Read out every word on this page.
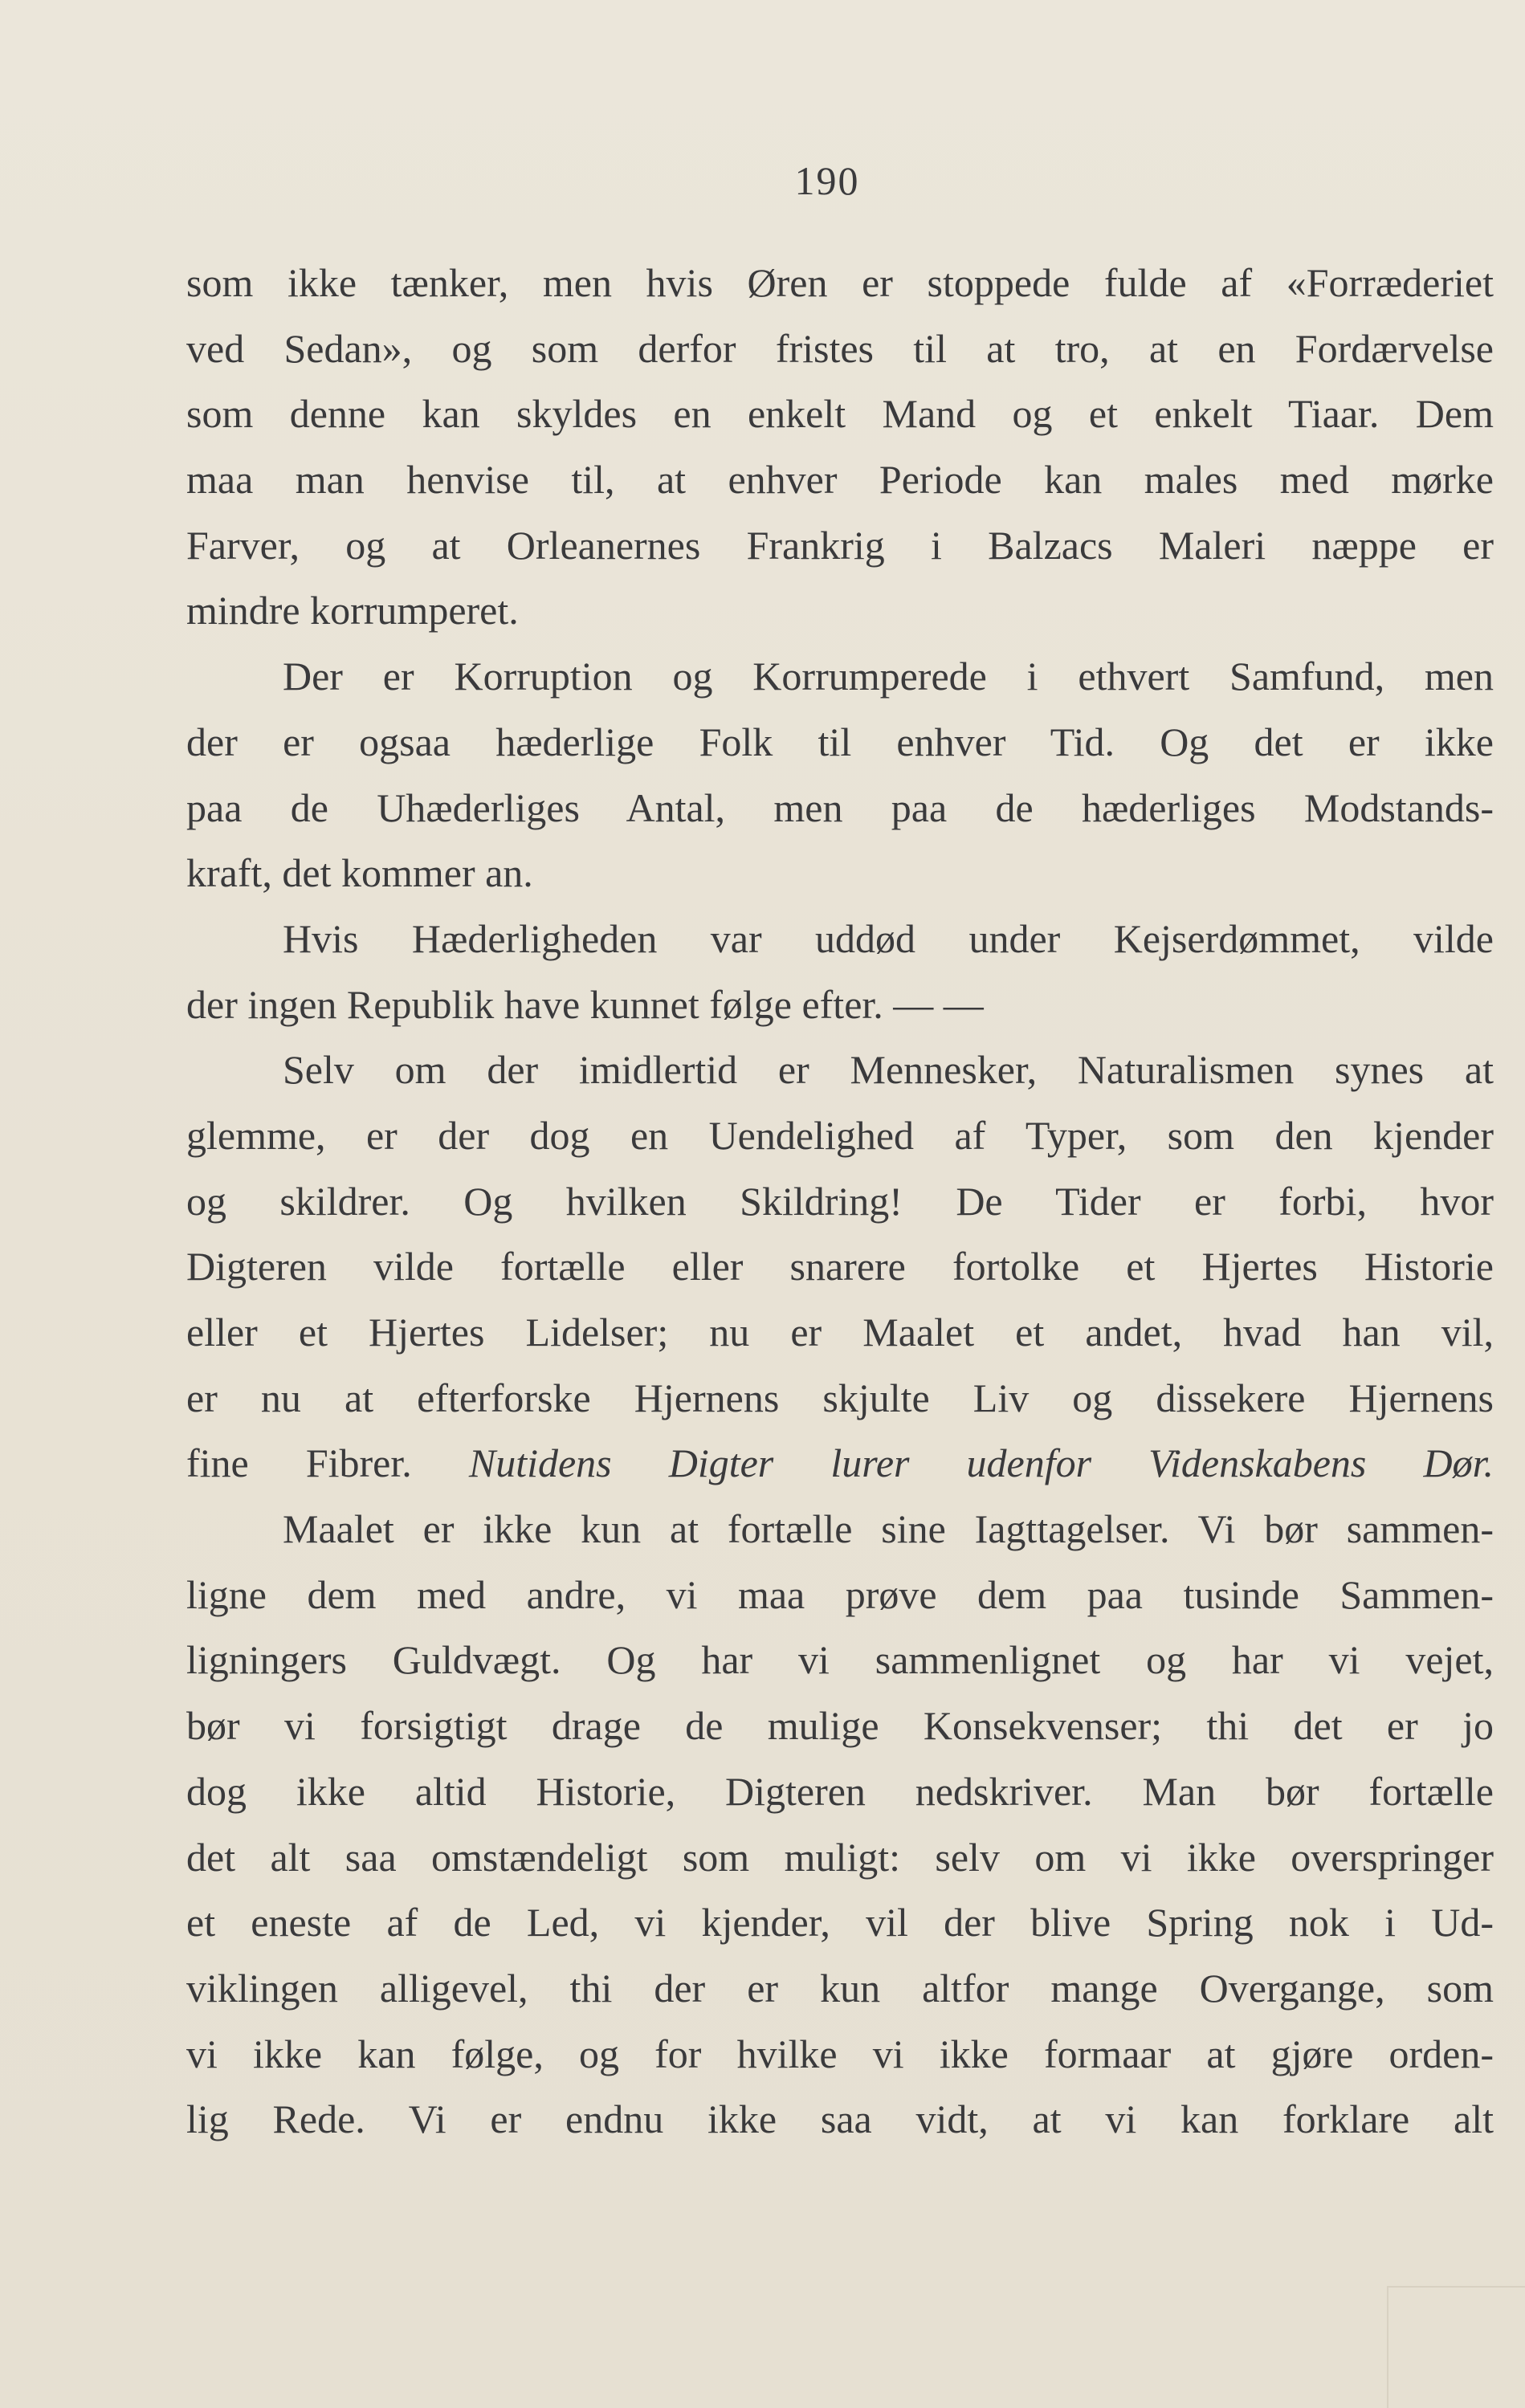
190
som ikke tænker, men hvis Øren er stoppede fulde af «Forræderiet
ved Sedan», og som derfor fristes til at tro, at en Fordærvelse
som denne kan skyldes en enkelt Mand og et enkelt Tiaar. Dem
maa man henvise til, at enhver Periode kan males med mørke
Farver, og at Orleanernes Frankrig i Balzacs Maleri næppe er
mindre korrumperet.
Der er Korruption og Korrumperede i ethvert Samfund, men
der er ogsaa hæderlige Folk til enhver Tid. Og det er ikke
paa de Uhæderliges Antal, men paa de hæderliges Modstands-
kraft, det kommer an.
Hvis Hæderligheden var uddød under Kejserdømmet, vilde
der ingen Republik have kunnet følge efter. — —
Selv om der imidlertid er Mennesker, Naturalismen synes at
glemme, er der dog en Uendelighed af Typer, som den kjender
og skildrer. Og hvilken Skildring! De Tider er forbi, hvor
Digteren vilde fortælle eller snarere fortolke et Hjertes Historie
eller et Hjertes Lidelser; nu er Maalet et andet, hvad han vil,
er nu at efterforske Hjernens skjulte Liv og dissekere Hjernens
fine Fibrer. Nutidens Digter lurer udenfor Videnskabens Dør.
Maalet er ikke kun at fortælle sine Iagttagelser. Vi bør sammen-
ligne dem med andre, vi maa prøve dem paa tusinde Sammen-
ligningers Guldvægt. Og har vi sammenlignet og har vi vejet,
bør vi forsigtigt drage de mulige Konsekvenser; thi det er jo
dog ikke altid Historie, Digteren nedskriver. Man bør fortælle
det alt saa omstændeligt som muligt: selv om vi ikke overspringer
et eneste af de Led, vi kjender, vil der blive Spring nok i Ud-
viklingen alligevel, thi der er kun altfor mange Overgange, som
vi ikke kan følge, og for hvilke vi ikke formaar at gjøre orden-
lig Rede. Vi er endnu ikke saa vidt, at vi kan forklare alt
